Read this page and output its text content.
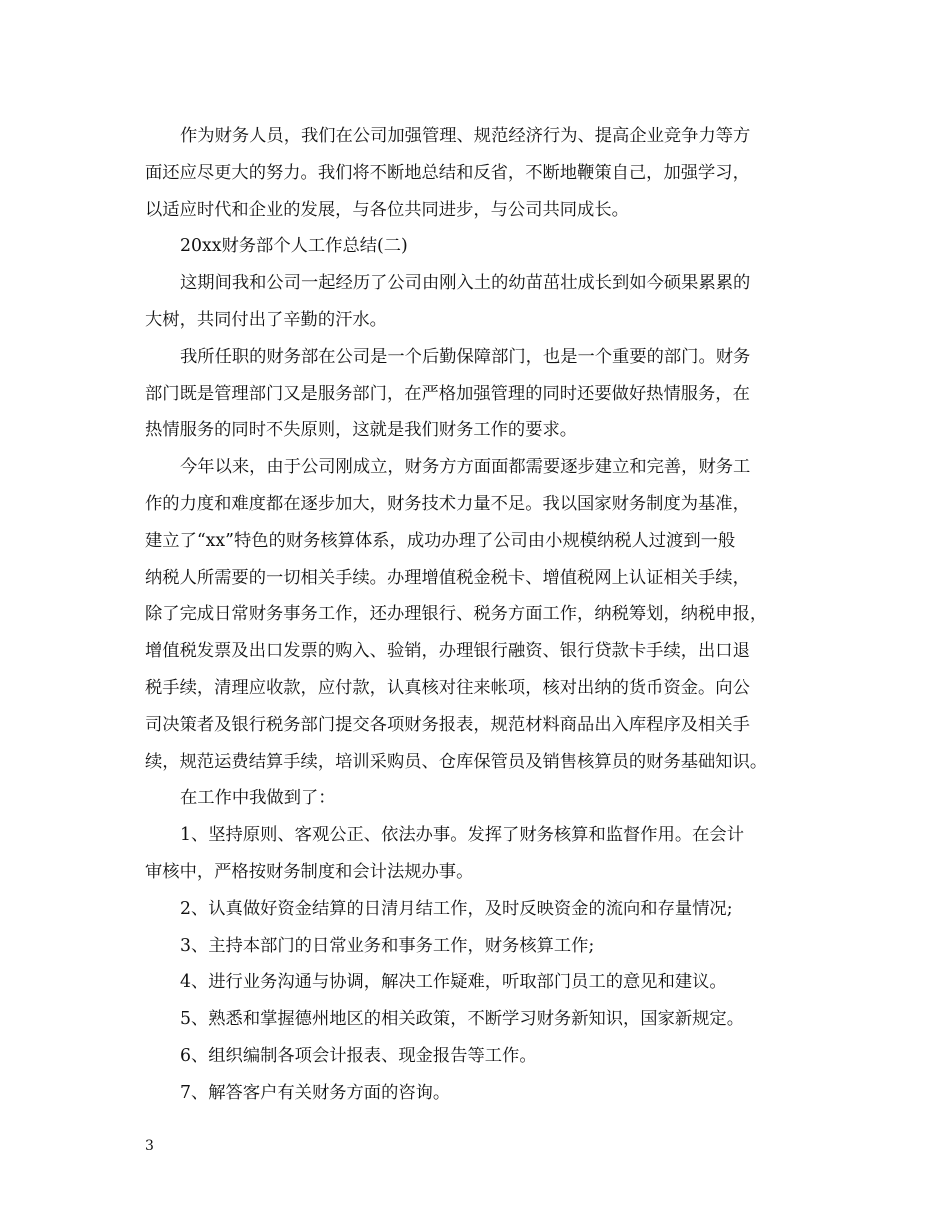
作为财务人员，我们在公司加强管理、规范经济行为、提高企业竞争力等方
面还应尽更大的努力。我们将不断地总结和反省，不断地鞭策自己，加强学习，
以适应时代和企业的发展，与各位共同进步，与公司共同成长。
20xx财务部个人工作总结(二)
这期间我和公司一起经历了公司由刚入土的幼苗茁壮成长到如今硕果累累的
大树，共同付出了辛勤的汗水。
我所任职的财务部在公司是一个后勤保障部门，也是一个重要的部门。财务
部门既是管理部门又是服务部门，在严格加强管理的同时还要做好热情服务，在
热情服务的同时不失原则，这就是我们财务工作的要求。
今年以来，由于公司刚成立，财务方方面面都需要逐步建立和完善，财务工
作的力度和难度都在逐步加大，财务技术力量不足。我以国家财务制度为基准，
建立了“xx”特色的财务核算体系，成功办理了公司由小规模纳税人过渡到一般
纳税人所需要的一切相关手续。办理增值税金税卡、增值税网上认证相关手续，
除了完成日常财务事务工作，还办理银行、税务方面工作，纳税筹划，纳税申报，
增值税发票及出口发票的购入、验销，办理银行融资、银行贷款卡手续，出口退
税手续，清理应收款，应付款，认真核对往来帐项，核对出纳的货币资金。向公
司决策者及银行税务部门提交各项财务报表，规范材料商品出入库程序及相关手
续，规范运费结算手续，培训采购员、仓库保管员及销售核算员的财务基础知识。
在工作中我做到了：
1、坚持原则、客观公正、依法办事。发挥了财务核算和监督作用。在会计
审核中，严格按财务制度和会计法规办事。
2、认真做好资金结算的日清月结工作，及时反映资金的流向和存量情况;
3、主持本部门的日常业务和事务工作，财务核算工作;
4、进行业务沟通与协调，解决工作疑难，听取部门员工的意见和建议。
5、熟悉和掌握德州地区的相关政策，不断学习财务新知识，国家新规定。
6、组织编制各项会计报表、现金报告等工作。
7、解答客户有关财务方面的咨询。
3
